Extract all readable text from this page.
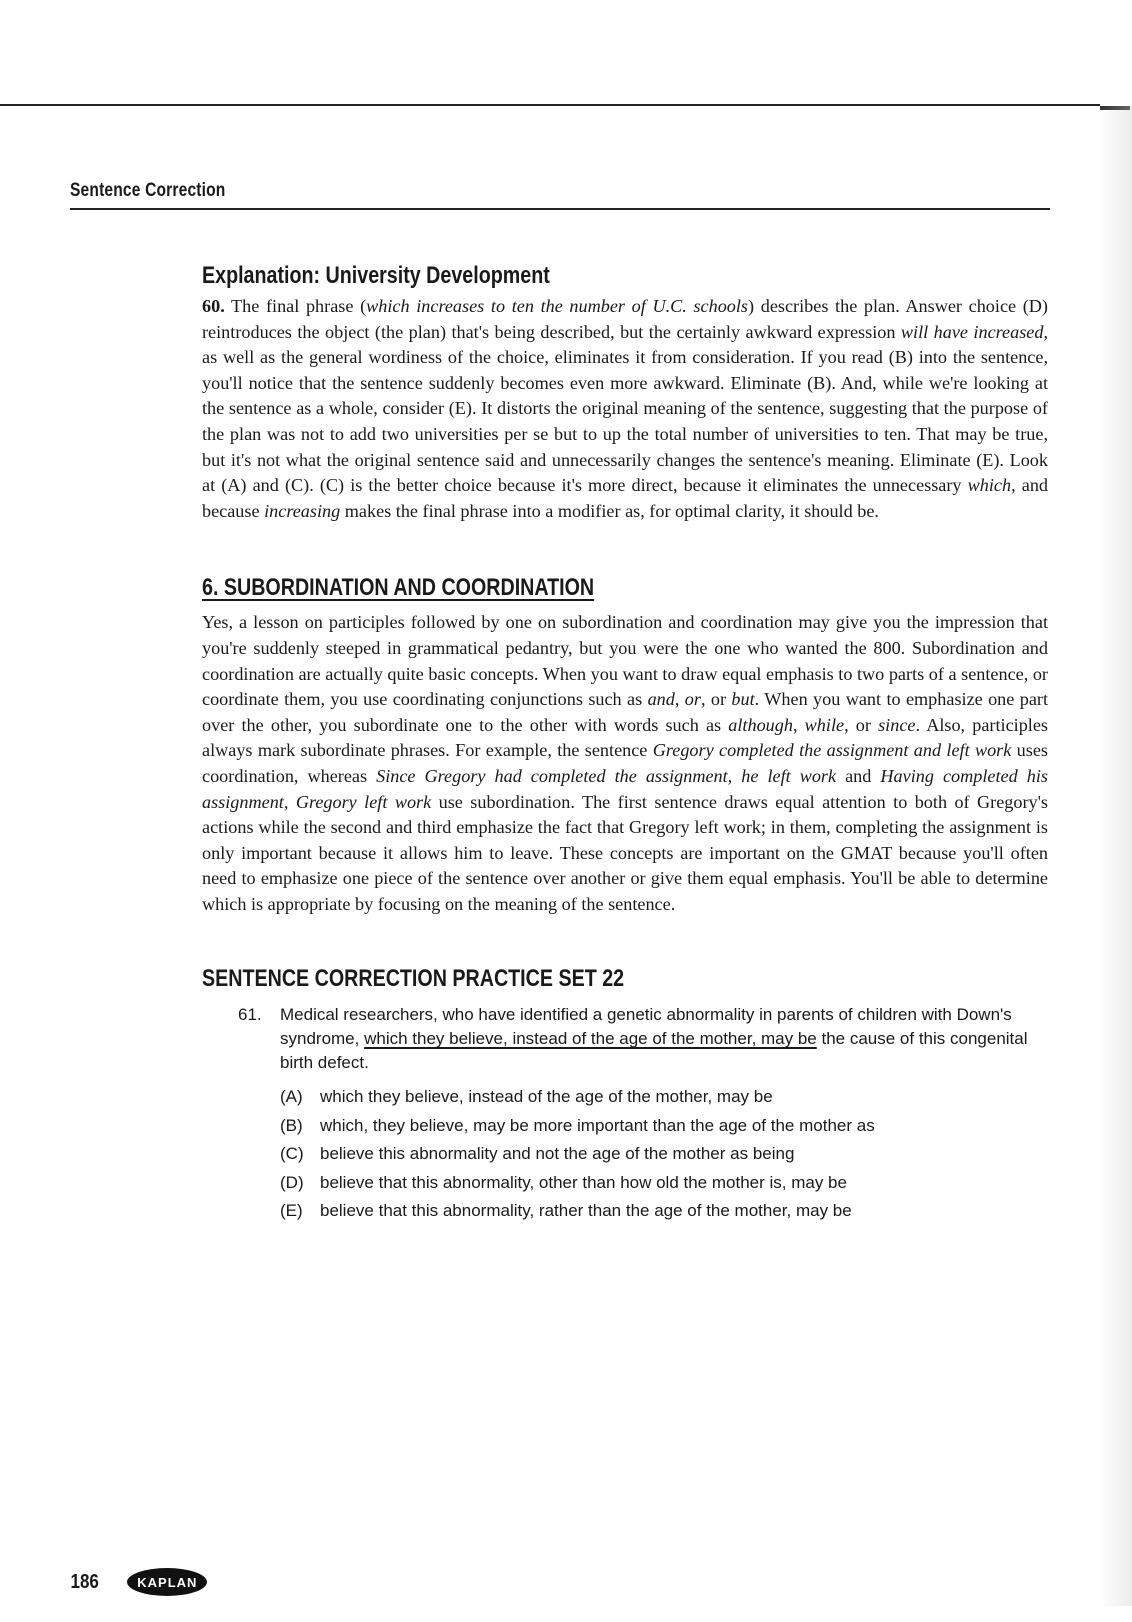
Sentence Correction
Explanation: University Development

60. The final phrase (which increases to ten the number of U.C. schools) describes the plan. Answer choice (D) reintroduces the object (the plan) that's being described, but the certainly awkward expression will have increased, as well as the general wordiness of the choice, eliminates it from consideration. If you read (B) into the sentence, you'll notice that the sentence suddenly becomes even more awkward. Eliminate (B). And, while we're looking at the sentence as a whole, consider (E). It distorts the original meaning of the sentence, suggesting that the purpose of the plan was not to add two universities per se but to up the total number of universities to ten. That may be true, but it's not what the original sentence said and unnecessarily changes the sentence's meaning. Eliminate (E). Look at (A) and (C). (C) is the better choice because it's more direct, because it eliminates the unnecessary which, and because increasing makes the final phrase into a modifier as, for optimal clarity, it should be.

6. SUBORDINATION AND COORDINATION

Yes, a lesson on participles followed by one on subordination and coordination may give you the impression that you're suddenly steeped in grammatical pedantry, but you were the one who wanted the 800. Subordination and coordination are actually quite basic concepts. When you want to draw equal emphasis to two parts of a sentence, or coordinate them, you use coordinating conjunctions such as and, or, or but. When you want to emphasize one part over the other, you subordinate one to the other with words such as although, while, or since. Also, participles always mark subordinate phrases. For example, the sentence Gregory completed the assignment and left work uses coordination, whereas Since Gregory had completed the assignment, he left work and Having completed his assignment, Gregory left work use subordination. The first sentence draws equal attention to both of Gregory's actions while the second and third emphasize the fact that Gregory left work; in them, completing the assignment is only important because it allows him to leave. These concepts are important on the GMAT because you'll often need to emphasize one piece of the sentence over another or give them equal emphasis. You'll be able to determine which is appropriate by focusing on the meaning of the sentence.

SENTENCE CORRECTION PRACTICE SET 22
61. Medical researchers, who have identified a genetic abnormality in parents of children with Down's syndrome, which they believe, instead of the age of the mother, may be the cause of this congenital birth defect.
(A) which they believe, instead of the age of the mother, may be
(B) which, they believe, may be more important than the age of the mother as
(C) believe this abnormality and not the age of the mother as being
(D) believe that this abnormality, other than how old the mother is, may be
(E) believe that this abnormality, rather than the age of the mother, may be
186	KAPLAN
